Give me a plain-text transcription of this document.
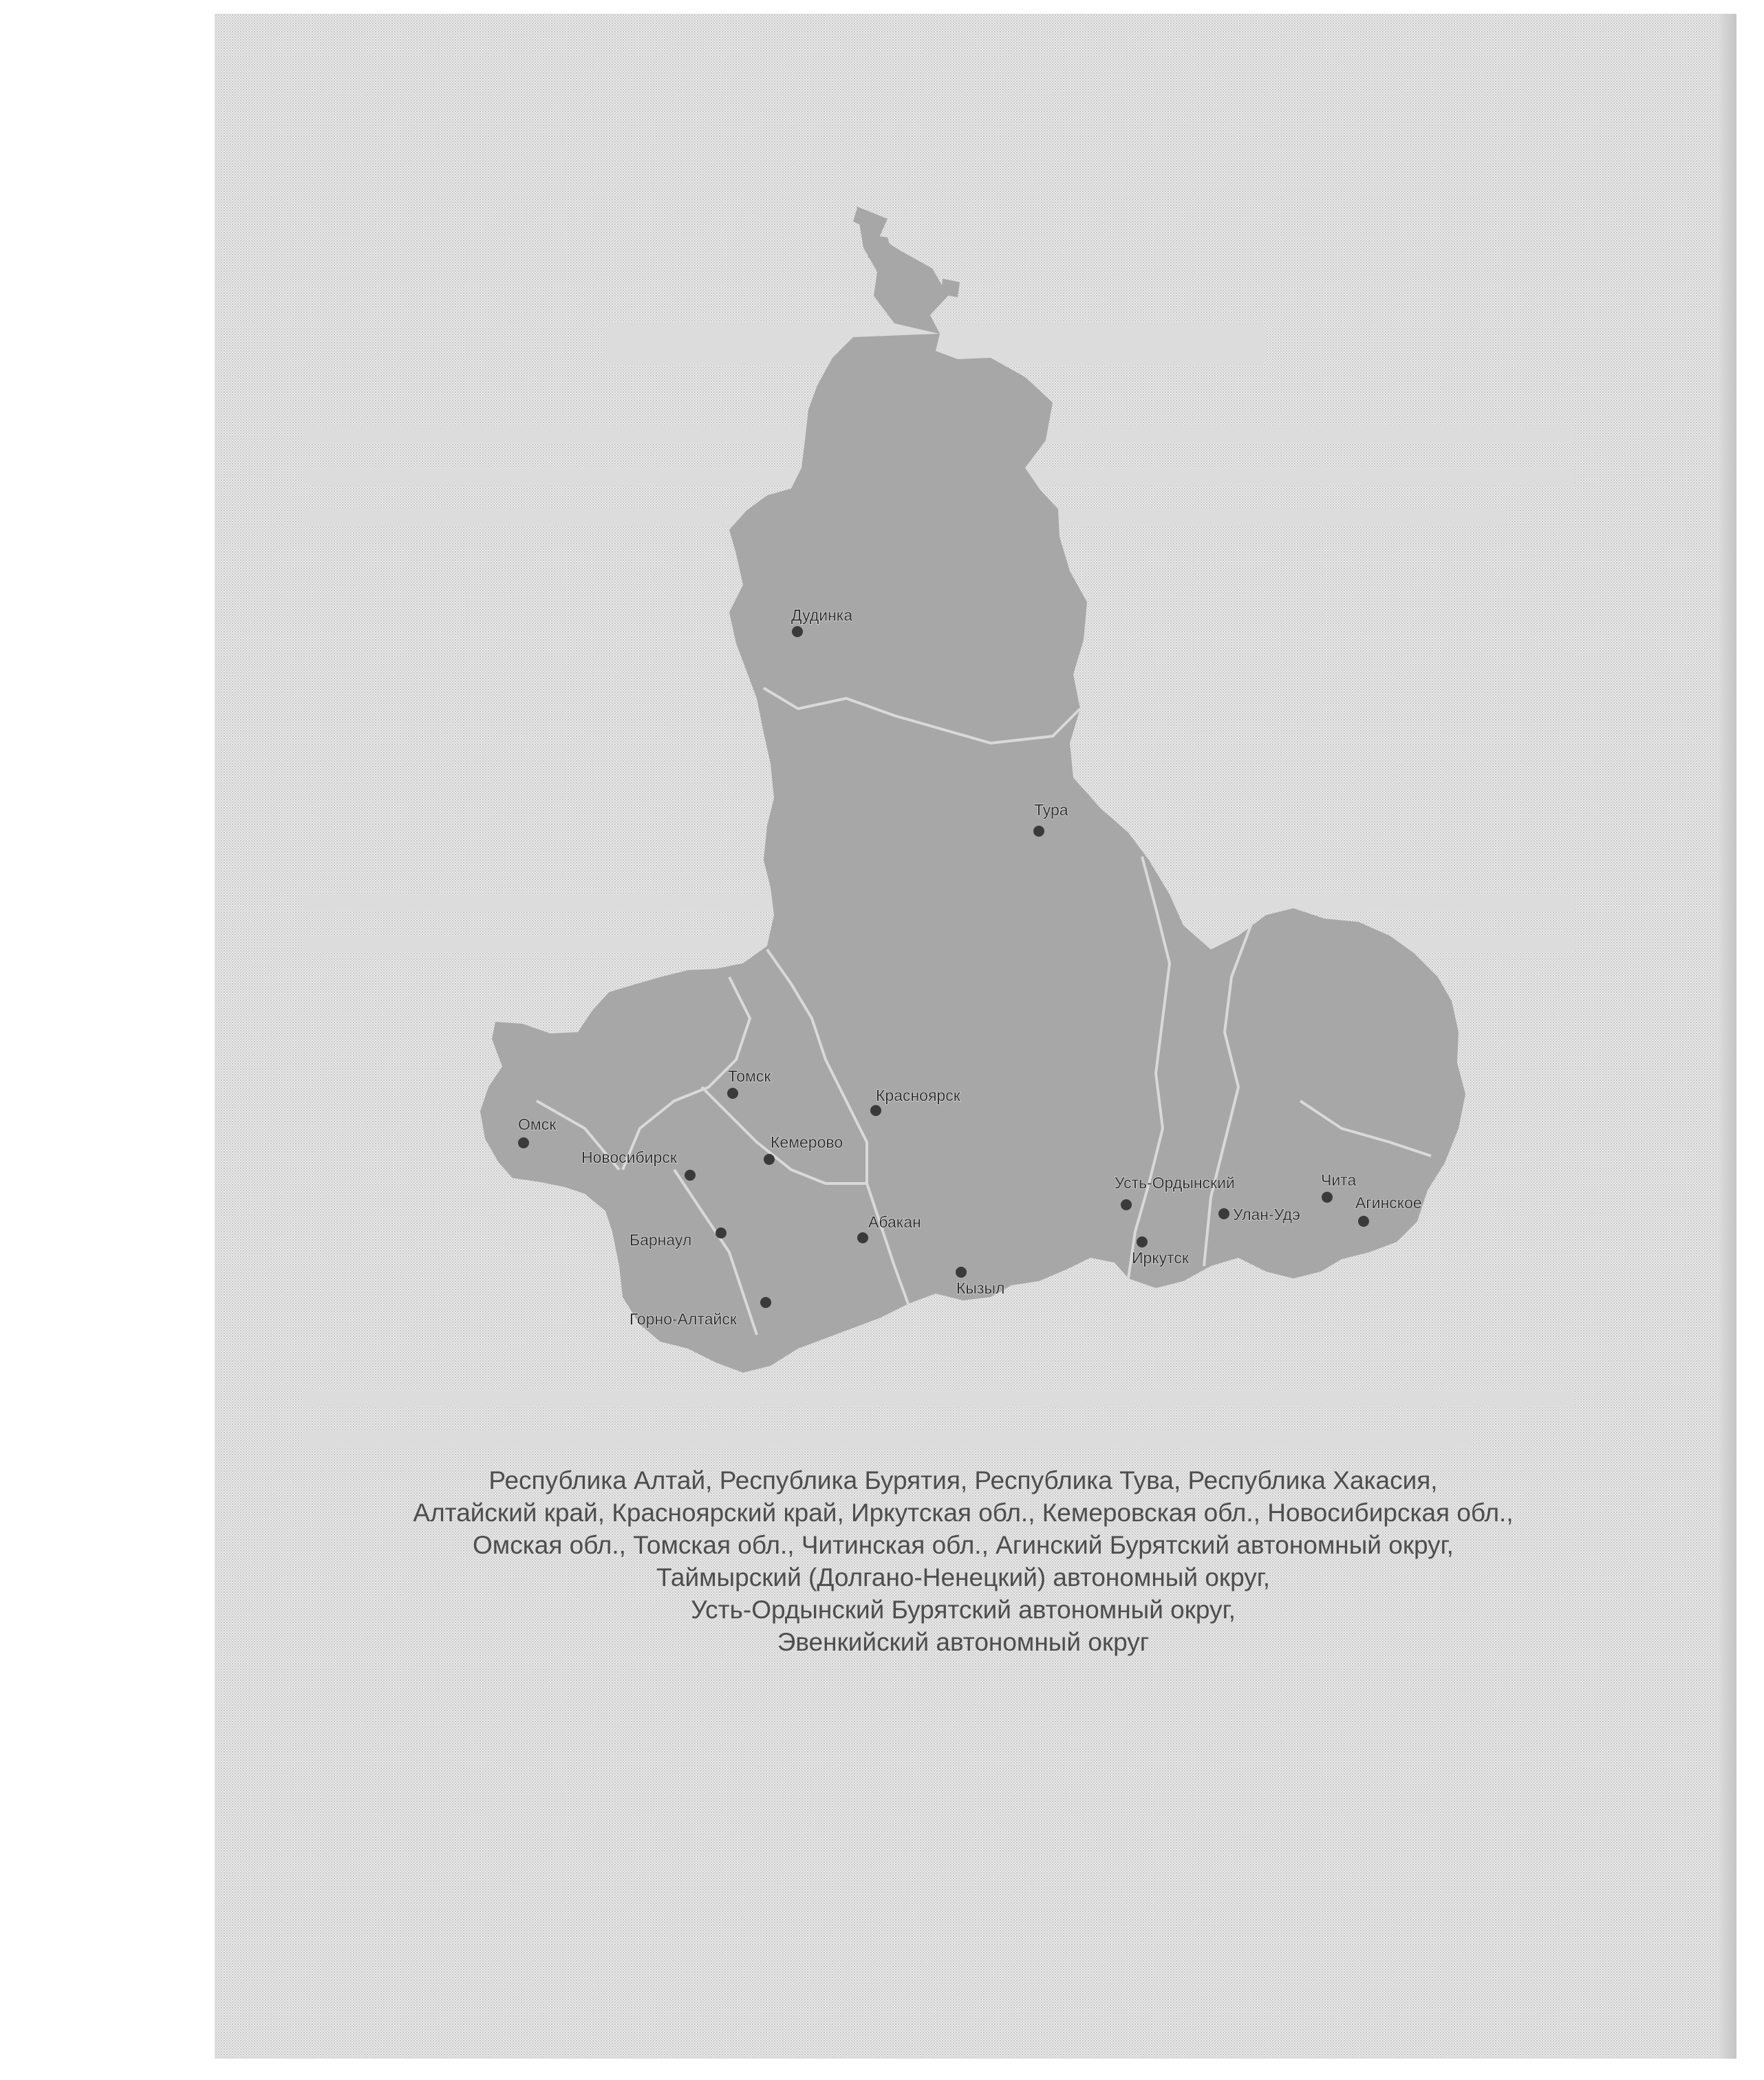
Дудинка
Тура
Томск
Красноярск
Омск
Кемерово
Новосибирск
Усть-Ордынский	Чита
Улан-Удэ
Агинское
Абакан
Барнаул
Иркутск
Кызыл
Горно-Алтайск
Республика Алтай, Республика Бурятия, Республика Тува, Республика Хакасия,
Алтайский край, Красноярский край, Иркутская обл., Кемеровская обл., Новосибирская обл.,
Омская обл., Томская обл., Читинская обл., Агинский Бурятский автономный округ,
Таймырский (Долгано-Ненецкий) автономный округ,
Усть-Ордынский Бурятский автономный округ,
Эвенкийский автономный округ
